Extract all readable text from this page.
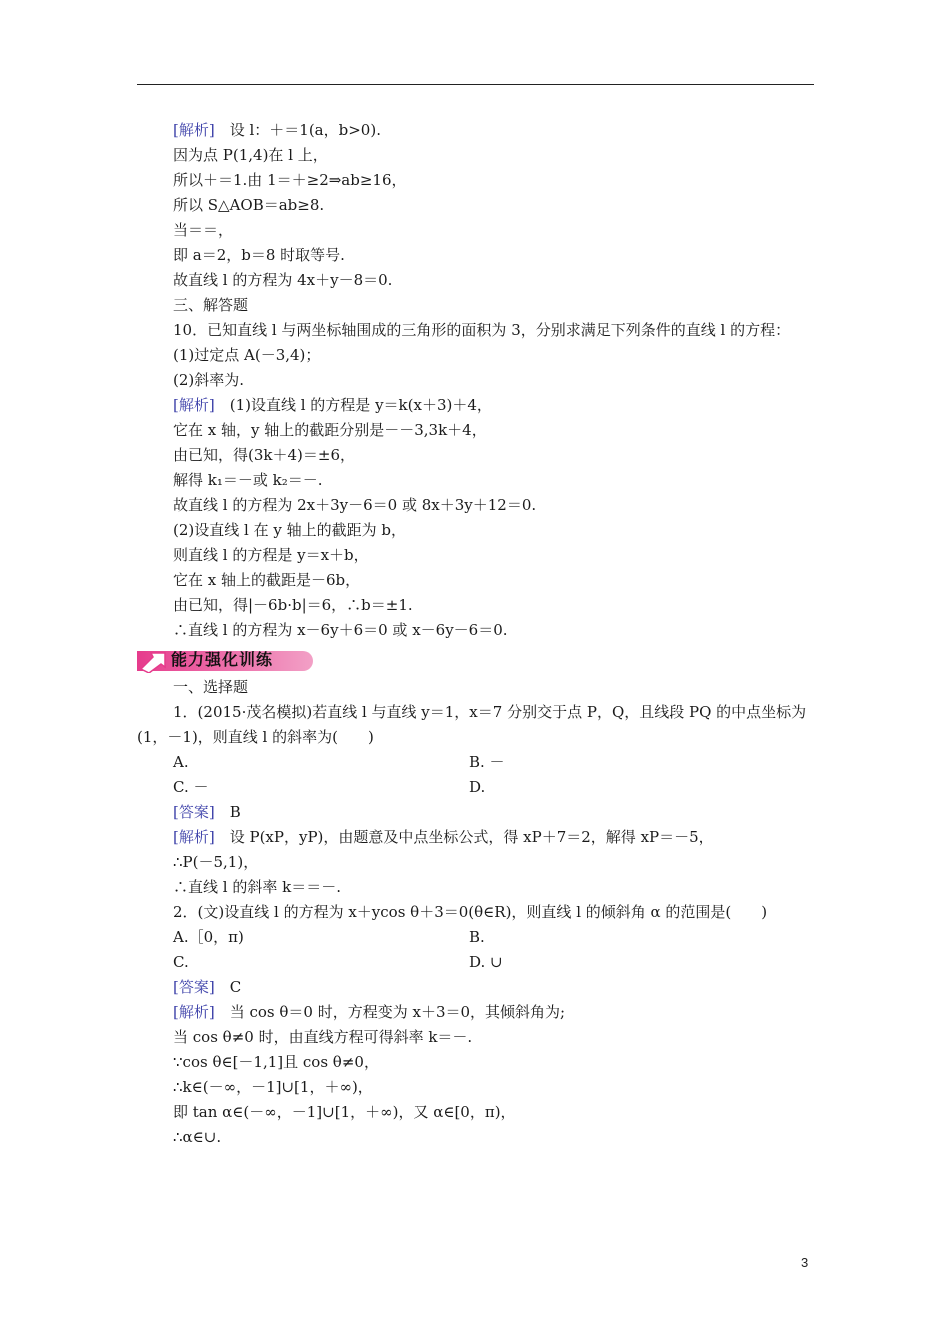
[解析]　设 l：＋＝1(a，b>0).
因为点 P(1,4)在 l 上，
所以＋＝1.由 1＝＋≥2⇒ab≥16，
所以 S△AOB＝ab≥8.
当＝＝，
即 a＝2，b＝8 时取等号.
故直线 l 的方程为 4x＋y－8＝0.
三、解答题
10．已知直线 l 与两坐标轴围成的三角形的面积为 3，分别求满足下列条件的直线 l 的方程：
(1)过定点 A(－3,4)；
(2)斜率为.
[解析]　(1)设直线 l 的方程是 y＝k(x＋3)＋4，
它在 x 轴，y 轴上的截距分别是－－3,3k＋4，
由已知，得(3k＋4)＝±6，
解得 k₁＝－或 k₂＝－.
故直线 l 的方程为 2x＋3y－6＝0 或 8x＋3y＋12＝0.
(2)设直线 l 在 y 轴上的截距为 b，
则直线 l 的方程是 y＝x＋b，
它在 x 轴上的截距是－6b，
由已知，得|－6b·b|＝6，∴b＝±1.
∴直线 l 的方程为 x－6y＋6＝0 或 x－6y－6＝0.
能力强化训练
一、选择题
1．(2015·茂名模拟)若直线 l 与直线 y＝1，x＝7 分别交于点 P，Q，且线段 PQ 的中点坐标为(1，－1)，则直线 l 的斜率为(　　)
A.	B. －
C. －	D.
[答案]　B
[解析]　设 P(xP，yP)，由题意及中点坐标公式，得 xP＋7＝2，解得 xP＝－5，
∴P(－5,1)，
∴直线 l 的斜率 k＝＝－.
2．(文)设直线 l 的方程为 x＋ycos θ＋3＝0(θ∈R)，则直线 l 的倾斜角 α 的范围是(　　)
A.［0，π)	B.
C.	D. ∪
[答案]　C
[解析]　当 cos θ＝0 时，方程变为 x＋3＝0，其倾斜角为;
当 cos θ≠0 时，由直线方程可得斜率 k＝－.
∵cos θ∈[－1,1]且 cos θ≠0，
∴k∈(－∞，－1]∪[1，＋∞)，
即 tan α∈(－∞，－1]∪[1，＋∞)，又 α∈[0，π)，
∴α∈∪.
3
